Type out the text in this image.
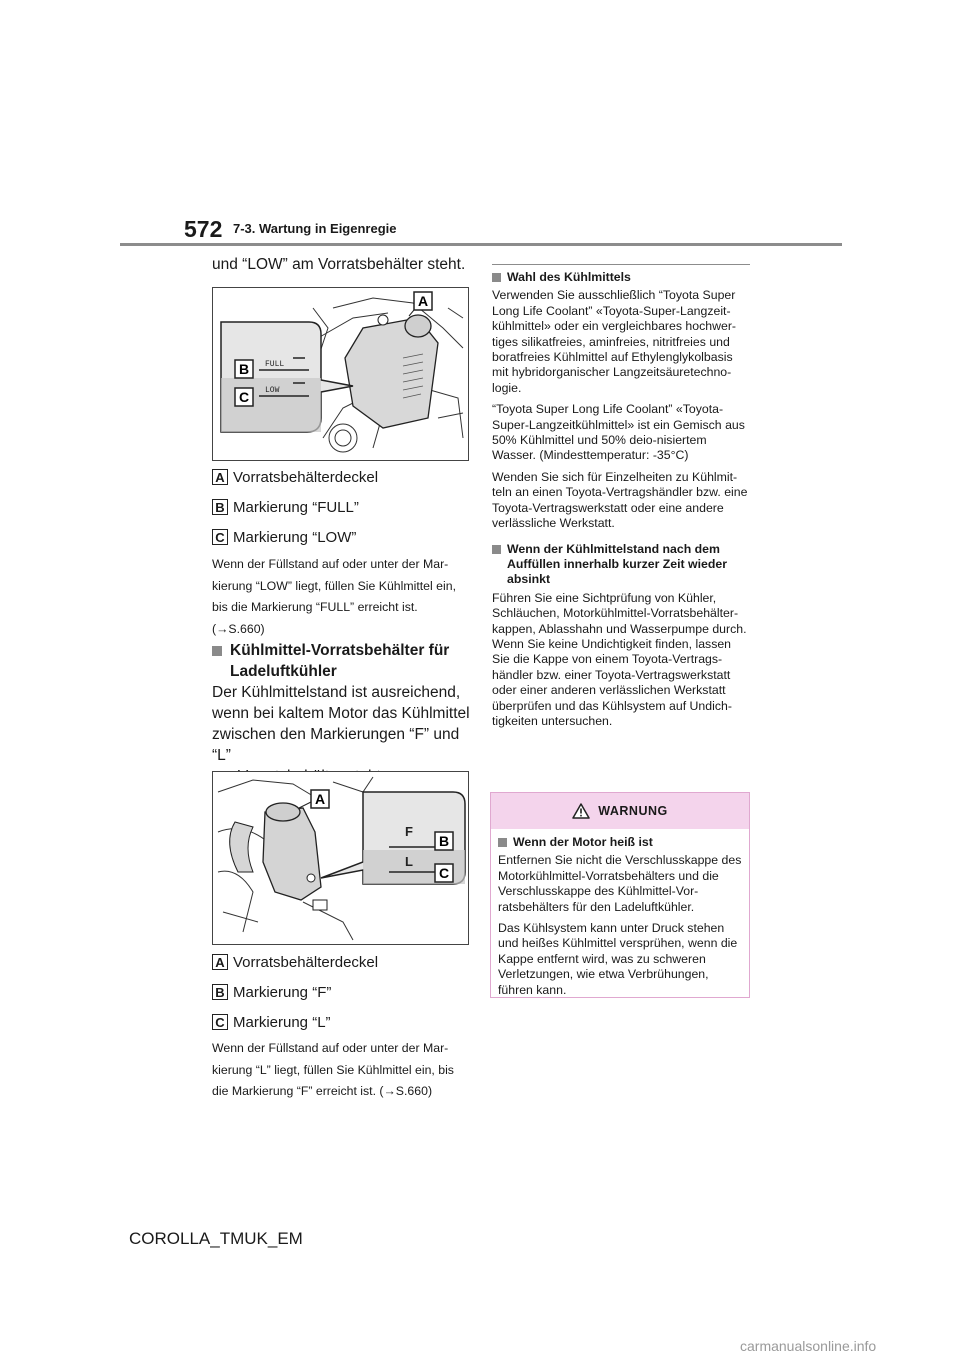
572 7-3. Wartung in Eigenregie
und “LOW” am Vorratsbehälter steht.
FULL
LOW
A
B
C
A Vorratsbehälterdeckel
B Markierung “FULL”
C Markierung “LOW”
Wenn der Füllstand auf oder unter der Mar-
kierung “LOW” liegt, füllen Sie Kühlmittel ein,
bis die Markierung “FULL” erreicht ist.
(→S.660)
Kühlmittel-Vorratsbehälter für
Ladeluftkühler
Der Kühlmittelstand ist ausreichend,
wenn bei kaltem Motor das Kühlmittel
zwischen den Markierungen “F” und “L”
F
L
A
B
C
A Vorratsbehälterdeckel
B Markierung “F”
C Markierung “L”
Wenn der Füllstand auf oder unter der Mar-
kierung “L” liegt, füllen Sie Kühlmittel ein, bis
die Markierung “F” erreicht ist. (→S.660)
Wahl des Kühlmittels

Verwenden Sie ausschließlich “Toyota Super Long Life Coolant” «Toyota-Super-Langzeit-kühlmittel» oder ein vergleichbares hochwer-tiges silikatfreies, aminfreies, nitritfreies und boratfreies Kühlmittel auf Ethylenglykolbasis mit hybridorganischer Langzeitsäuretechno-logie.

“Toyota Super Long Life Coolant” «Toyota-Super-Langzeitkühlmittel» ist ein Gemisch aus 50% Kühlmittel und 50% deio-nisiertem Wasser. (Mindesttemperatur: -35°C)

Wenden Sie sich für Einzelheiten zu Kühlmit-teln an einen Toyota-Vertragshändler bzw. eine Toyota-Vertragswerkstatt oder eine andere verlässliche Werkstatt.

Wenn der Kühlmittelstand nach dem Auffüllen innerhalb kurzer Zeit wieder absinkt
Führen Sie eine Sichtprüfung von Kühler, Schläuchen, Motorkühlmittel-Vorratsbehälter-kappen, Ablasshahn und Wasserpumpe durch.
Wenn Sie keine Undichtigkeit finden, lassen Sie die Kappe von einem Toyota-Vertrags-händler bzw. einer Toyota-Vertragswerkstatt oder einer anderen verlässlichen Werkstatt überprüfen und das Kühlsystem auf Undich-tigkeiten untersuchen.
WARNUNG
Wenn der Motor heiß ist

Entfernen Sie nicht die Verschlusskappe des Motorkühlmittel-Vorratsbehälters und die Verschlusskappe des Kühlmittel-Vor-ratsbehälters für den Ladeluftkühler.

Das Kühlsystem kann unter Druck stehen und heißes Kühlmittel versprühen, wenn die Kappe entfernt wird, was zu schweren Verletzungen, wie etwa Verbrühungen, führen kann.

COROLLA_TMUK_EM
carmanualsonline.info
